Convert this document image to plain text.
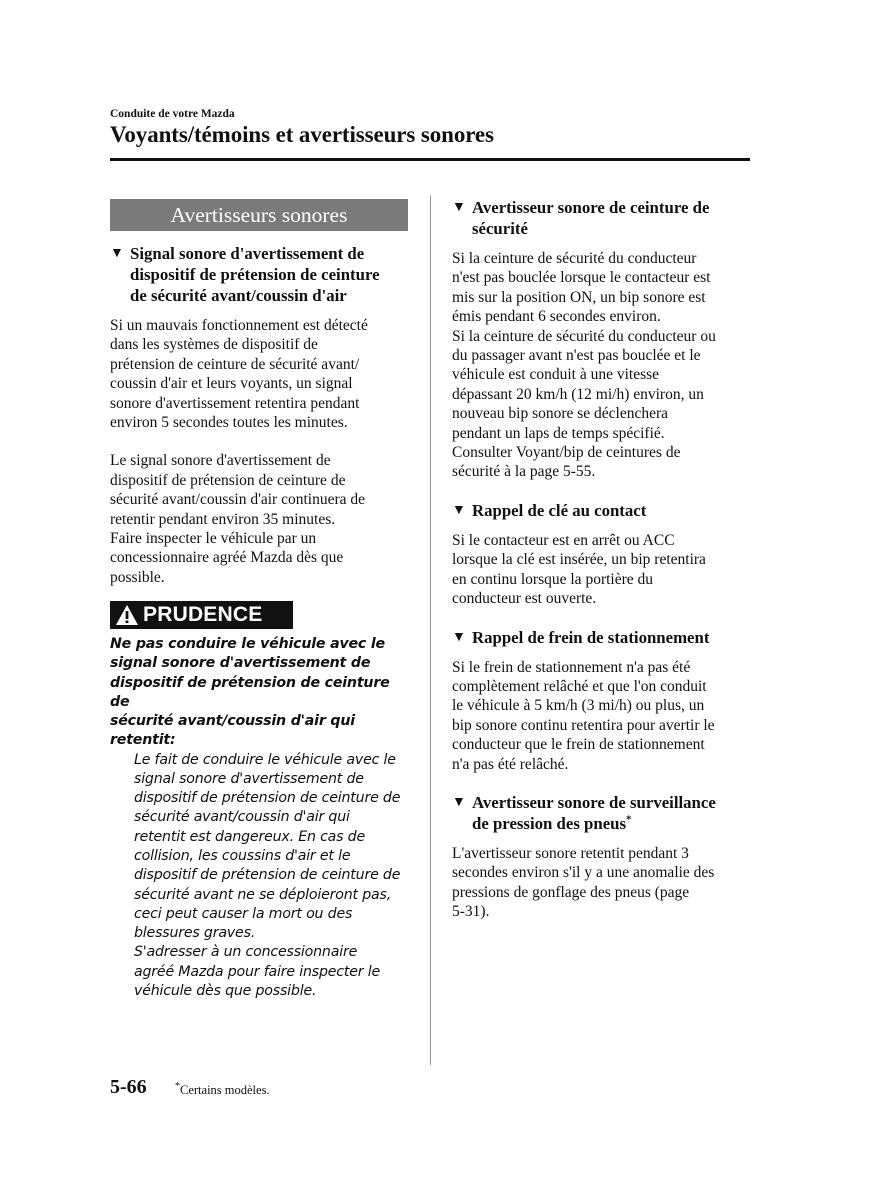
Conduite de votre Mazda
Voyants/témoins et avertisseurs sonores
Avertisseurs sonores
▼ Signal sonore d'avertissement de
dispositif de prétension de ceinture
de sécurité avant/coussin d'air
Si un mauvais fonctionnement est détecté
dans les systèmes de dispositif de
prétension de ceinture de sécurité avant/
coussin d'air et leurs voyants, un signal
sonore d'avertissement retentira pendant
environ 5 secondes toutes les minutes.
Le signal sonore d'avertissement de
dispositif de prétension de ceinture de
sécurité avant/coussin d'air continuera de
retentir pendant environ 35 minutes.
Faire inspecter le véhicule par un
concessionnaire agréé Mazda dès que
possible.
PRUDENCE
Ne pas conduire le véhicule avec le
signal sonore d'avertissement de
dispositif de prétension de ceinture de
sécurité avant/coussin d'air qui retentit:
Le fait de conduire le véhicule avec le
signal sonore d'avertissement de
dispositif de prétension de ceinture de
sécurité avant/coussin d'air qui
retentit est dangereux. En cas de
collision, les coussins d'air et le
dispositif de prétension de ceinture de
sécurité avant ne se déploieront pas,
ceci peut causer la mort ou des
blessures graves.
S'adresser à un concessionnaire
agréé Mazda pour faire inspecter le
véhicule dès que possible.
▼ Avertisseur sonore de ceinture de
sécurité
Si la ceinture de sécurité du conducteur
n'est pas bouclée lorsque le contacteur est
mis sur la position ON, un bip sonore est
émis pendant 6 secondes environ.
Si la ceinture de sécurité du conducteur ou
du passager avant n'est pas bouclée et le
véhicule est conduit à une vitesse
dépassant 20 km/h (12 mi/h) environ, un
nouveau bip sonore se déclenchera
pendant un laps de temps spécifié.
Consulter Voyant/bip de ceintures de
sécurité à la page 5-55.
▼ Rappel de clé au contact
Si le contacteur est en arrêt ou ACC
lorsque la clé est insérée, un bip retentira
en continu lorsque la portière du
conducteur est ouverte.
▼ Rappel de frein de stationnement
Si le frein de stationnement n'a pas été
complètement relâché et que l'on conduit
le véhicule à 5 km/h (3 mi/h) ou plus, un
bip sonore continu retentira pour avertir le
conducteur que le frein de stationnement
n'a pas été relâché.
▼ Avertisseur sonore de surveillance
de pression des pneus*
L'avertisseur sonore retentit pendant 3
secondes environ s'il y a une anomalie des
pressions de gonflage des pneus (page
5-31).
5-66	*Certains modèles.
